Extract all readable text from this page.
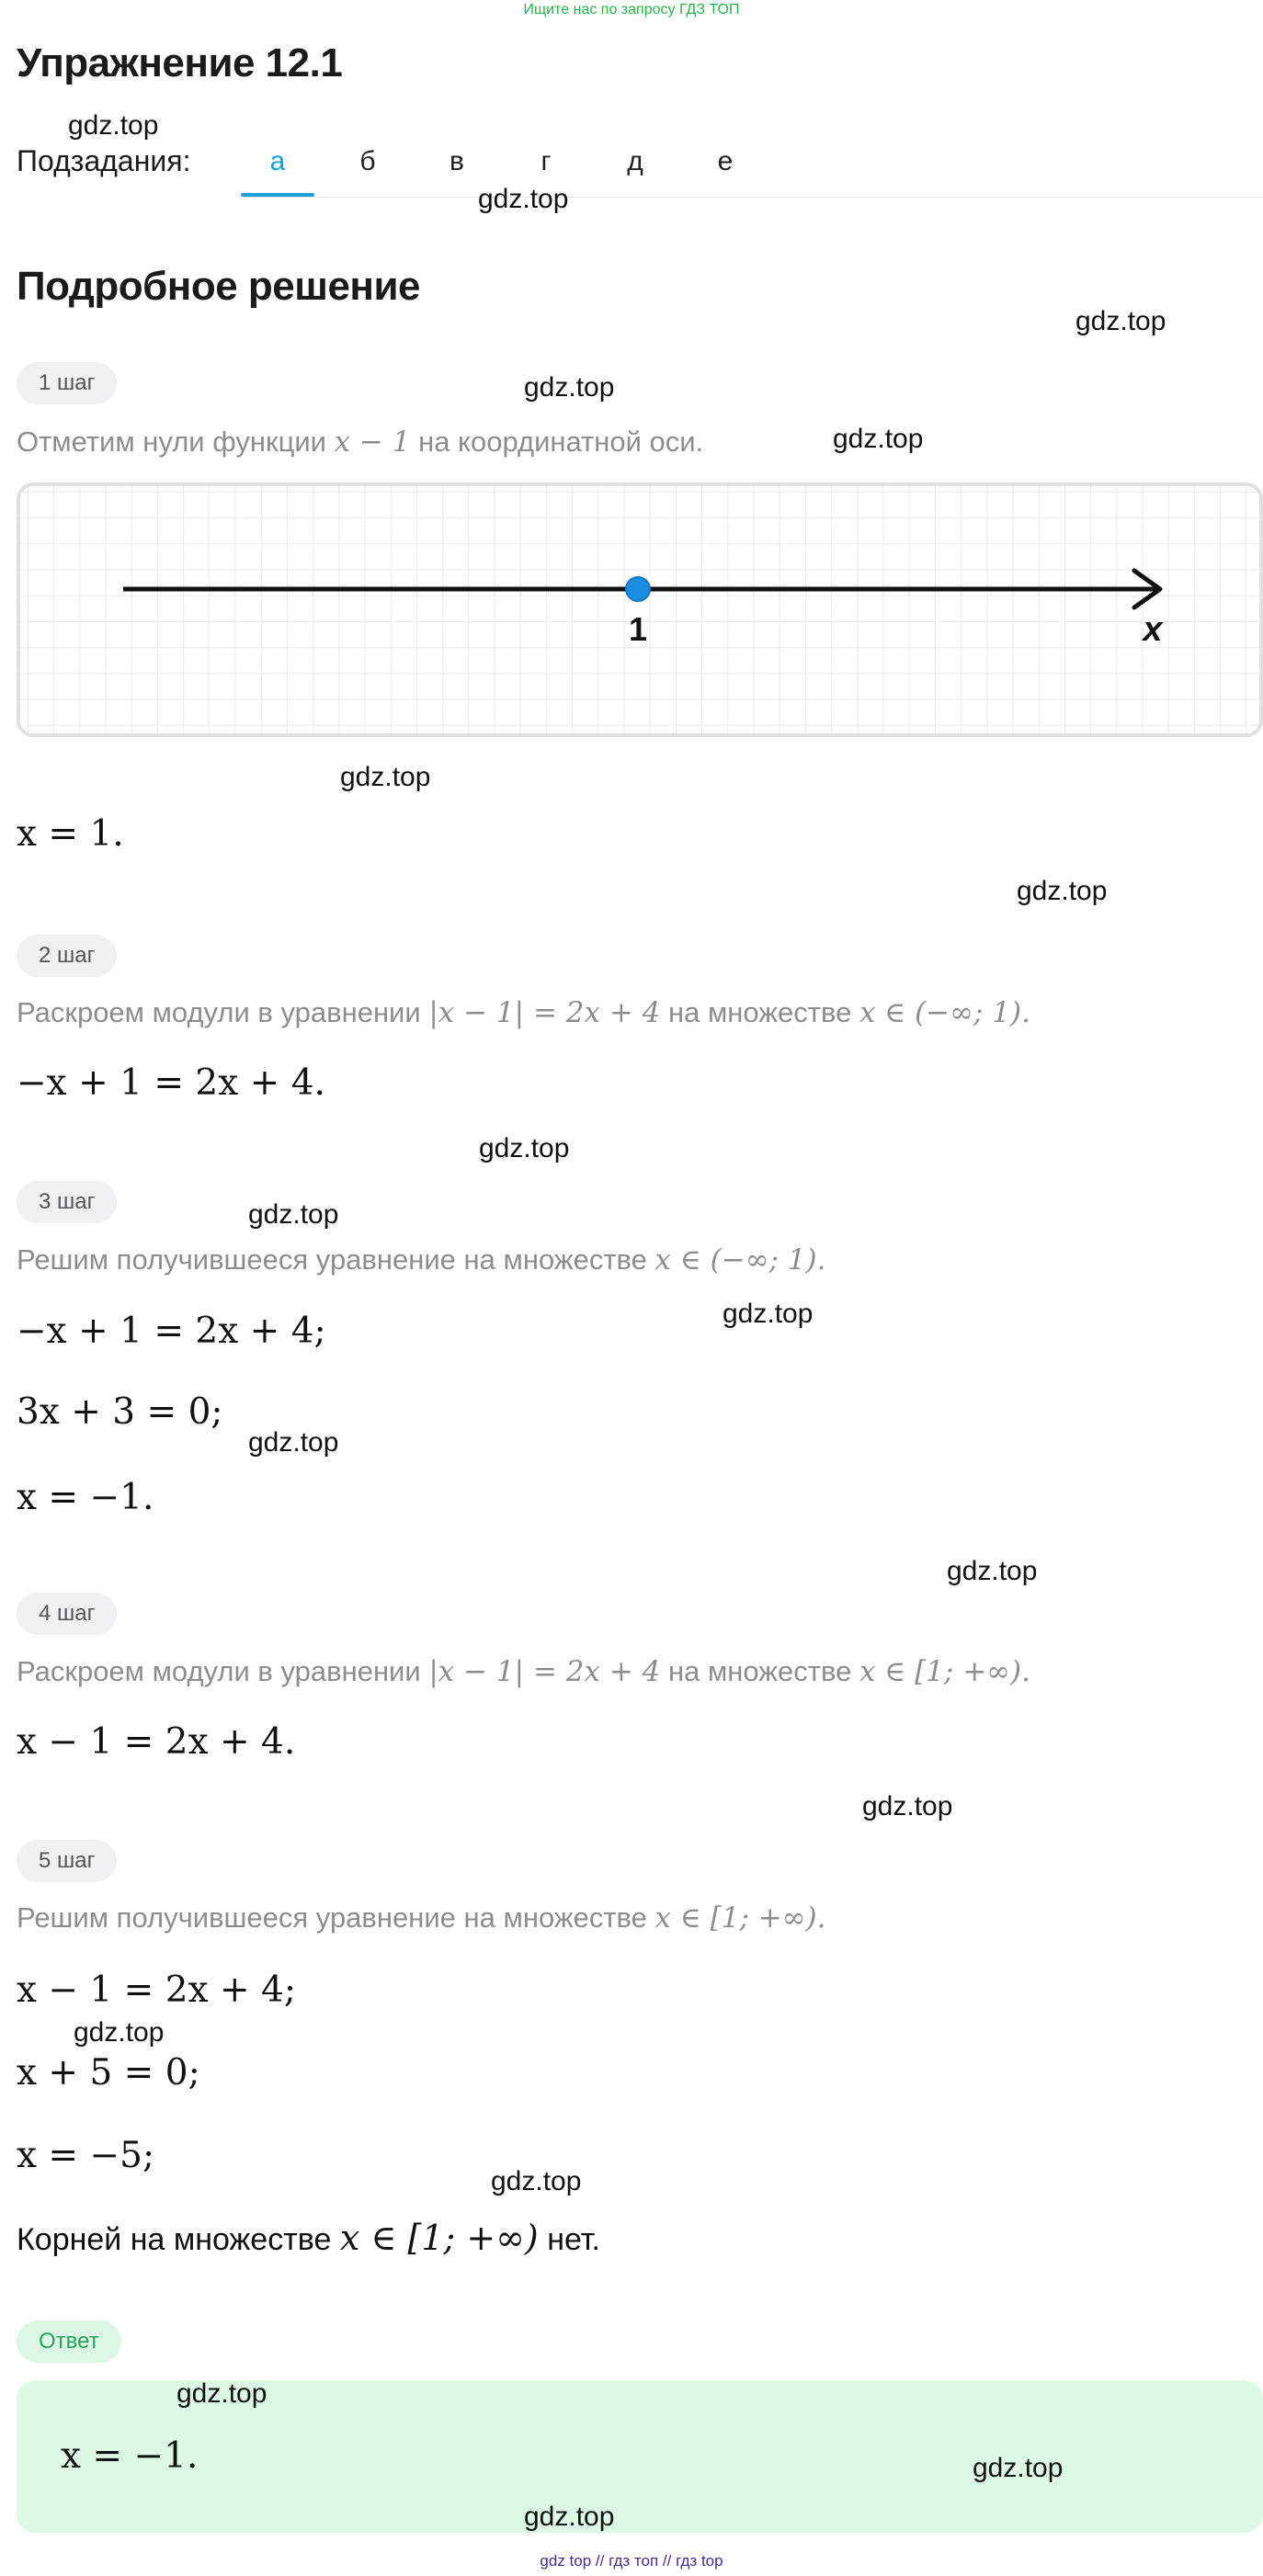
Ищите нас по запросу ГДЗ ТОП
Упражнение 12.1
Подзадания:	а	б	в	г	д	е
Подробное решение
1 шаг
Отметим нули функции x − 1 на координатной оси.
1	x
x = 1.
2 шаг
Раскроем модули в уравнении |x − 1| = 2x + 4 на множестве x ∈ (−∞; 1).
−x + 1 = 2x + 4.
3 шаг
Решим получившееся уравнение на множестве x ∈ (−∞; 1).
−x + 1 = 2x + 4;
3x + 3 = 0;
x = −1.
4 шаг
Раскроем модули в уравнении |x − 1| = 2x + 4 на множестве x ∈ [1; +∞).
x − 1 = 2x + 4.
5 шаг
Решим получившееся уравнение на множестве x ∈ [1; +∞).
x − 1 = 2x + 4;
x + 5 = 0;
x = −5;
Корней на множестве x ∈ [1; +∞) нет.
Ответ
x = −1.
gdz.top
gdz.top
gdz.top
gdz.top
gdz.top
gdz.top
gdz.top
gdz.top
gdz.top
gdz.top
gdz.top
gdz.top
gdz.top
gdz.top
gdz.top
gdz.top
gdz.top
gdz.top
gdz top // гдз топ // гдз top
